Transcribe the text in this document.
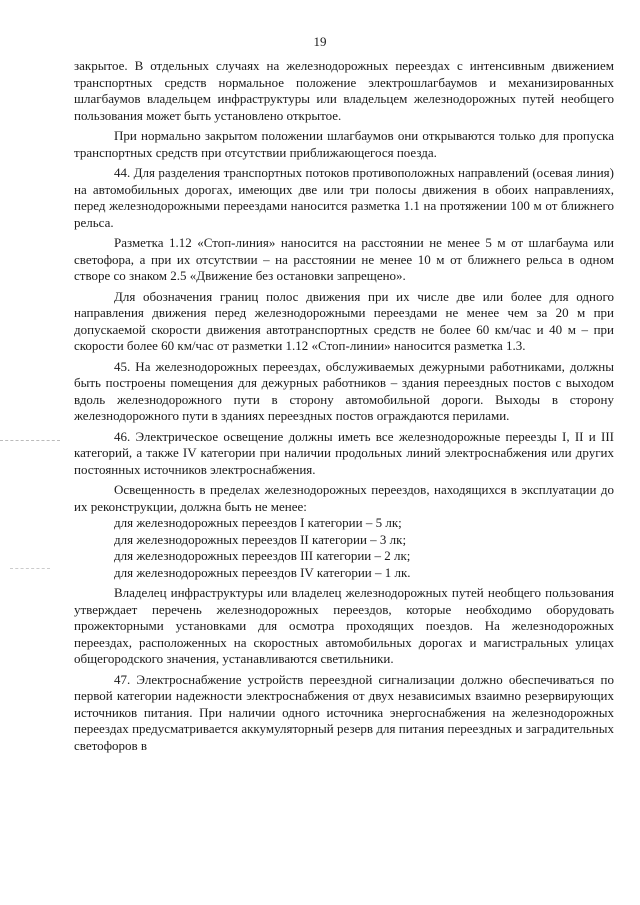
19

закрытое. В отдельных случаях на железнодорожных переездах с интенсивным движением транспортных средств нормальное положение электрошлагбаумов и механизированных шлагбаумов владельцем инфраструктуры или владельцем железнодорожных путей необщего пользования может быть установлено открытое.

При нормально закрытом положении шлагбаумов они открываются только для пропуска транспортных средств при отсутствии приближающегося поезда.

44. Для разделения транспортных потоков противоположных направлений (осевая линия) на автомобильных дорогах, имеющих две или три полосы движения в обоих направлениях, перед железнодорожными переездами наносится разметка 1.1 на протяжении 100 м от ближнего рельса.

Разметка 1.12 «Стоп-линия» наносится на расстоянии не менее 5 м от шлагбаума или светофора, а при их отсутствии – на расстоянии не менее 10 м от ближнего рельса в одном створе со знаком 2.5 «Движение без остановки запрещено».

Для обозначения границ полос движения при их числе две или более для одного направления движения перед железнодорожными переездами не менее чем за 20 м при допускаемой скорости движения автотранспортных средств не более 60 км/час и 40 м – при скорости более 60 км/час от разметки 1.12 «Стоп-линии» наносится разметка 1.3.

45. На железнодорожных переездах, обслуживаемых дежурными работниками, должны быть построены помещения для дежурных работников – здания переездных постов с выходом вдоль железнодорожного пути в сторону автомобильной дороги. Выходы в сторону железнодорожного пути в зданиях переездных постов ограждаются перилами.

46. Электрическое освещение должны иметь все железнодорожные переезды I, II и III категорий, а также IV категории при наличии продольных линий электроснабжения или других постоянных источников электроснабжения.

Освещенность в пределах железнодорожных переездов, находящихся в эксплуатации до их реконструкции, должна быть не менее:

для железнодорожных переездов I категории – 5 лк;

для железнодорожных переездов II категории – 3 лк;

для железнодорожных переездов III категории – 2 лк;

для железнодорожных переездов IV категории – 1 лк.

Владелец инфраструктуры или владелец железнодорожных путей необщего пользования утверждает перечень железнодорожных переездов, которые необходимо оборудовать прожекторными установками для осмотра проходящих поездов. На железнодорожных переездах, расположенных на скоростных автомобильных дорогах и магистральных улицах общегородского значения, устанавливаются светильники.

47. Электроснабжение устройств переездной сигнализации должно обеспечиваться по первой категории надежности электроснабжения от двух независимых взаимно резервирующих источников питания. При наличии одного источника энергоснабжения на железнодорожных переездах предусматривается аккумуляторный резерв для питания переездных и заградительных светофоров в
